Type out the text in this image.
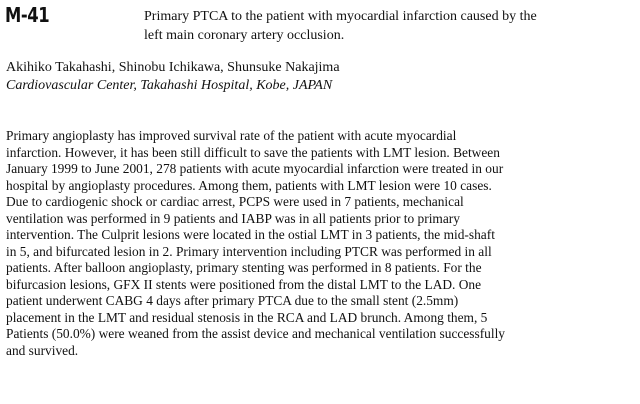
M-41	Primary PTCA to the patient with myocardial infarction caused by the
left main coronary artery occlusion.
Akihiko Takahashi, Shinobu Ichikawa, Shunsuke Nakajima
Cardiovascular Center, Takahashi Hospital, Kobe, JAPAN
Primary angioplasty has improved survival rate of the patient with acute myocardial
infarction. However, it has been still difficult to save the patients with LMT lesion. Between
January 1999 to June 2001, 278 patients with acute myocardial infarction were treated in our
hospital by angioplasty procedures. Among them, patients with LMT lesion were 10 cases.
Due to cardiogenic shock or cardiac arrest, PCPS were used in 7 patients, mechanical
ventilation was performed in 9 patients and IABP was in all patients prior to primary
intervention. The Culprit lesions were located in the ostial LMT in 3 patients, the mid-shaft
in 5, and bifurcated lesion in 2. Primary intervention including PTCR was performed in all
patients. After balloon angioplasty, primary stenting was performed in 8 patients. For the
bifurcasion lesions, GFX II stents were positioned from the distal LMT to the LAD. One
patient underwent CABG 4 days after primary PTCA due to the small stent (2.5mm)
placement in the LMT and residual stenosis in the RCA and LAD brunch. Among them, 5
Patients (50.0%) were weaned from the assist device and mechanical ventilation successfully
and survived.
